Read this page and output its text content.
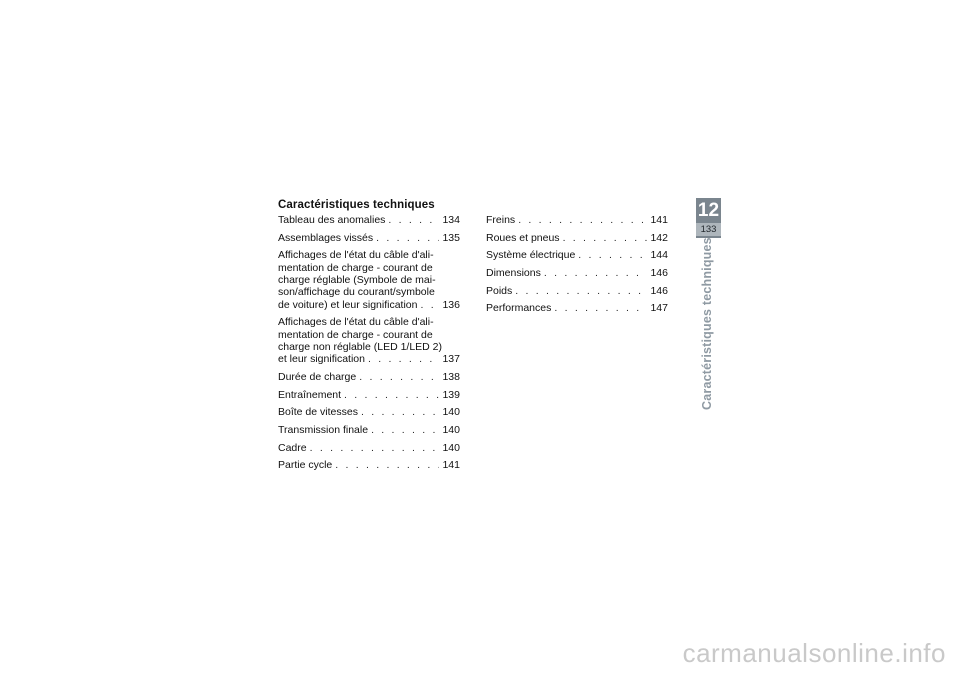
Caractéristiques techniques
Tableau des anomalies . . .	134
Assemblages vissés . . .	135
Affichages de l'état du câble d'ali-
mentation de charge - courant de
charge réglable (Symbole de mai-
son/affichage du courant/symbole
de voiture) et leur signification . . . 136
Affichages de l'état du câble d'ali-
mentation de charge - courant de
charge non réglable (LED 1/LED 2)
et leur signification . . .	137
Durée de charge . . .	138
Entraînement . . .	139
Boîte de vitesses . . .	140
Transmission finale . . .	140
Cadre . . .	140
Partie cycle . . .	141
Freins . . .	141
Roues et pneus . . .	142
Système électrique . . .	144
Dimensions . . .	146
Poids . . .	146
Performances . . .	147
12
133
Caractéristiques techniques
carmanualsonline.info
